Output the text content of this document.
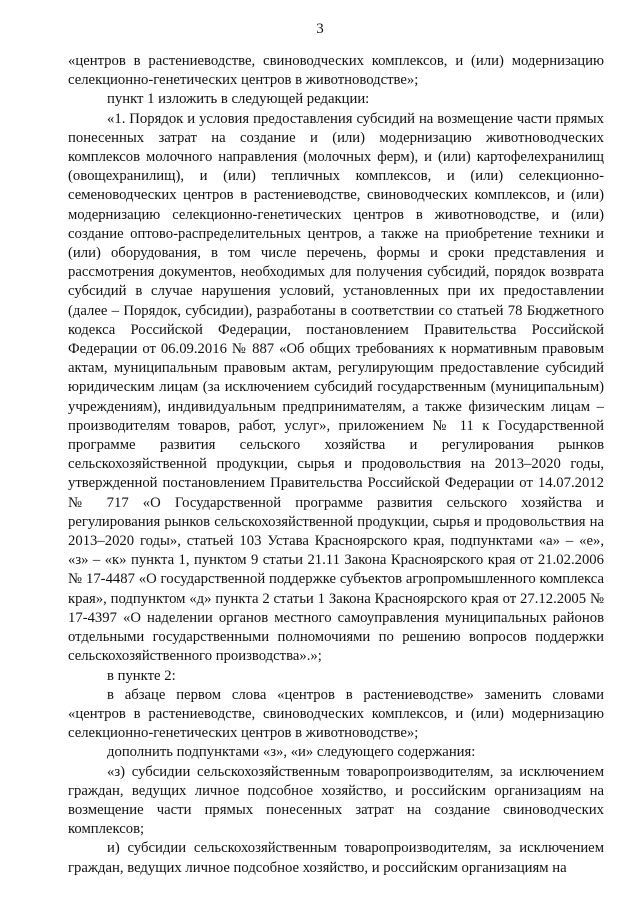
3

«центров в растениеводстве, свиноводческих комплексов, и (или) модернизацию селекционно-генетических центров в животноводстве»;

пункт 1 изложить в следующей редакции:

«1. Порядок и условия предоставления субсидий на возмещение части прямых понесенных затрат на создание и (или) модернизацию животноводческих комплексов молочного направления (молочных ферм), и (или) картофелехранилищ (овощехранилищ), и (или) тепличных комплексов, и (или) селекционно-семеноводческих центров в растениеводстве, свиноводческих комплексов, и (или) модернизацию селекционно-генетических центров в животноводстве, и (или) создание оптово-распределительных центров, а также на приобретение техники и (или) оборудования, в том числе перечень, формы и сроки представления и рассмотрения документов, необходимых для получения субсидий, порядок возврата субсидий в случае нарушения условий, установленных при их предоставлении (далее – Порядок, субсидии), разработаны в соответствии со статьей 78 Бюджетного кодекса Российской Федерации, постановлением Правительства Российской Федерации от 06.09.2016 № 887 «Об общих требованиях к нормативным правовым актам, муниципальным правовым актам, регулирующим предоставление субсидий юридическим лицам (за исключением субсидий государственным (муниципальным) учреждениям), индивидуальным предпринимателям, а также физическим лицам – производителям товаров, работ, услуг», приложением № 11 к Государственной программе развития сельского хозяйства и регулирования рынков сельскохозяйственной продукции, сырья и продовольствия на 2013–2020 годы, утвержденной постановлением Правительства Российской Федерации от 14.07.2012 № 717 «О Государственной программе развития сельского хозяйства и регулирования рынков сельскохозяйственной продукции, сырья и продовольствия на 2013–2020 годы», статьей 103 Устава Красноярского края, подпунктами «а» – «е», «з» – «к» пункта 1, пунктом 9 статьи 21.11 Закона Красноярского края от 21.02.2006 № 17-4487 «О государственной поддержке субъектов агропромышленного комплекса края», подпунктом «д» пункта 2 статьи 1 Закона Красноярского края от 27.12.2005 № 17-4397 «О наделении органов местного самоуправления муниципальных районов отдельными государственными полномочиями по решению вопросов поддержки сельскохозяйственного производства».»;

в пункте 2:

в абзаце первом слова «центров в растениеводстве» заменить словами «центров в растениеводстве, свиноводческих комплексов, и (или) модернизацию селекционно-генетических центров в животноводстве»;

дополнить подпунктами «з», «и» следующего содержания:

«з) субсидии сельскохозяйственным товаропроизводителям, за исключением граждан, ведущих личное подсобное хозяйство, и российским организациям на возмещение части прямых понесенных затрат на создание свиноводческих комплексов;

и) субсидии сельскохозяйственным товаропроизводителям, за исключением граждан, ведущих личное подсобное хозяйство, и российским организациям на
